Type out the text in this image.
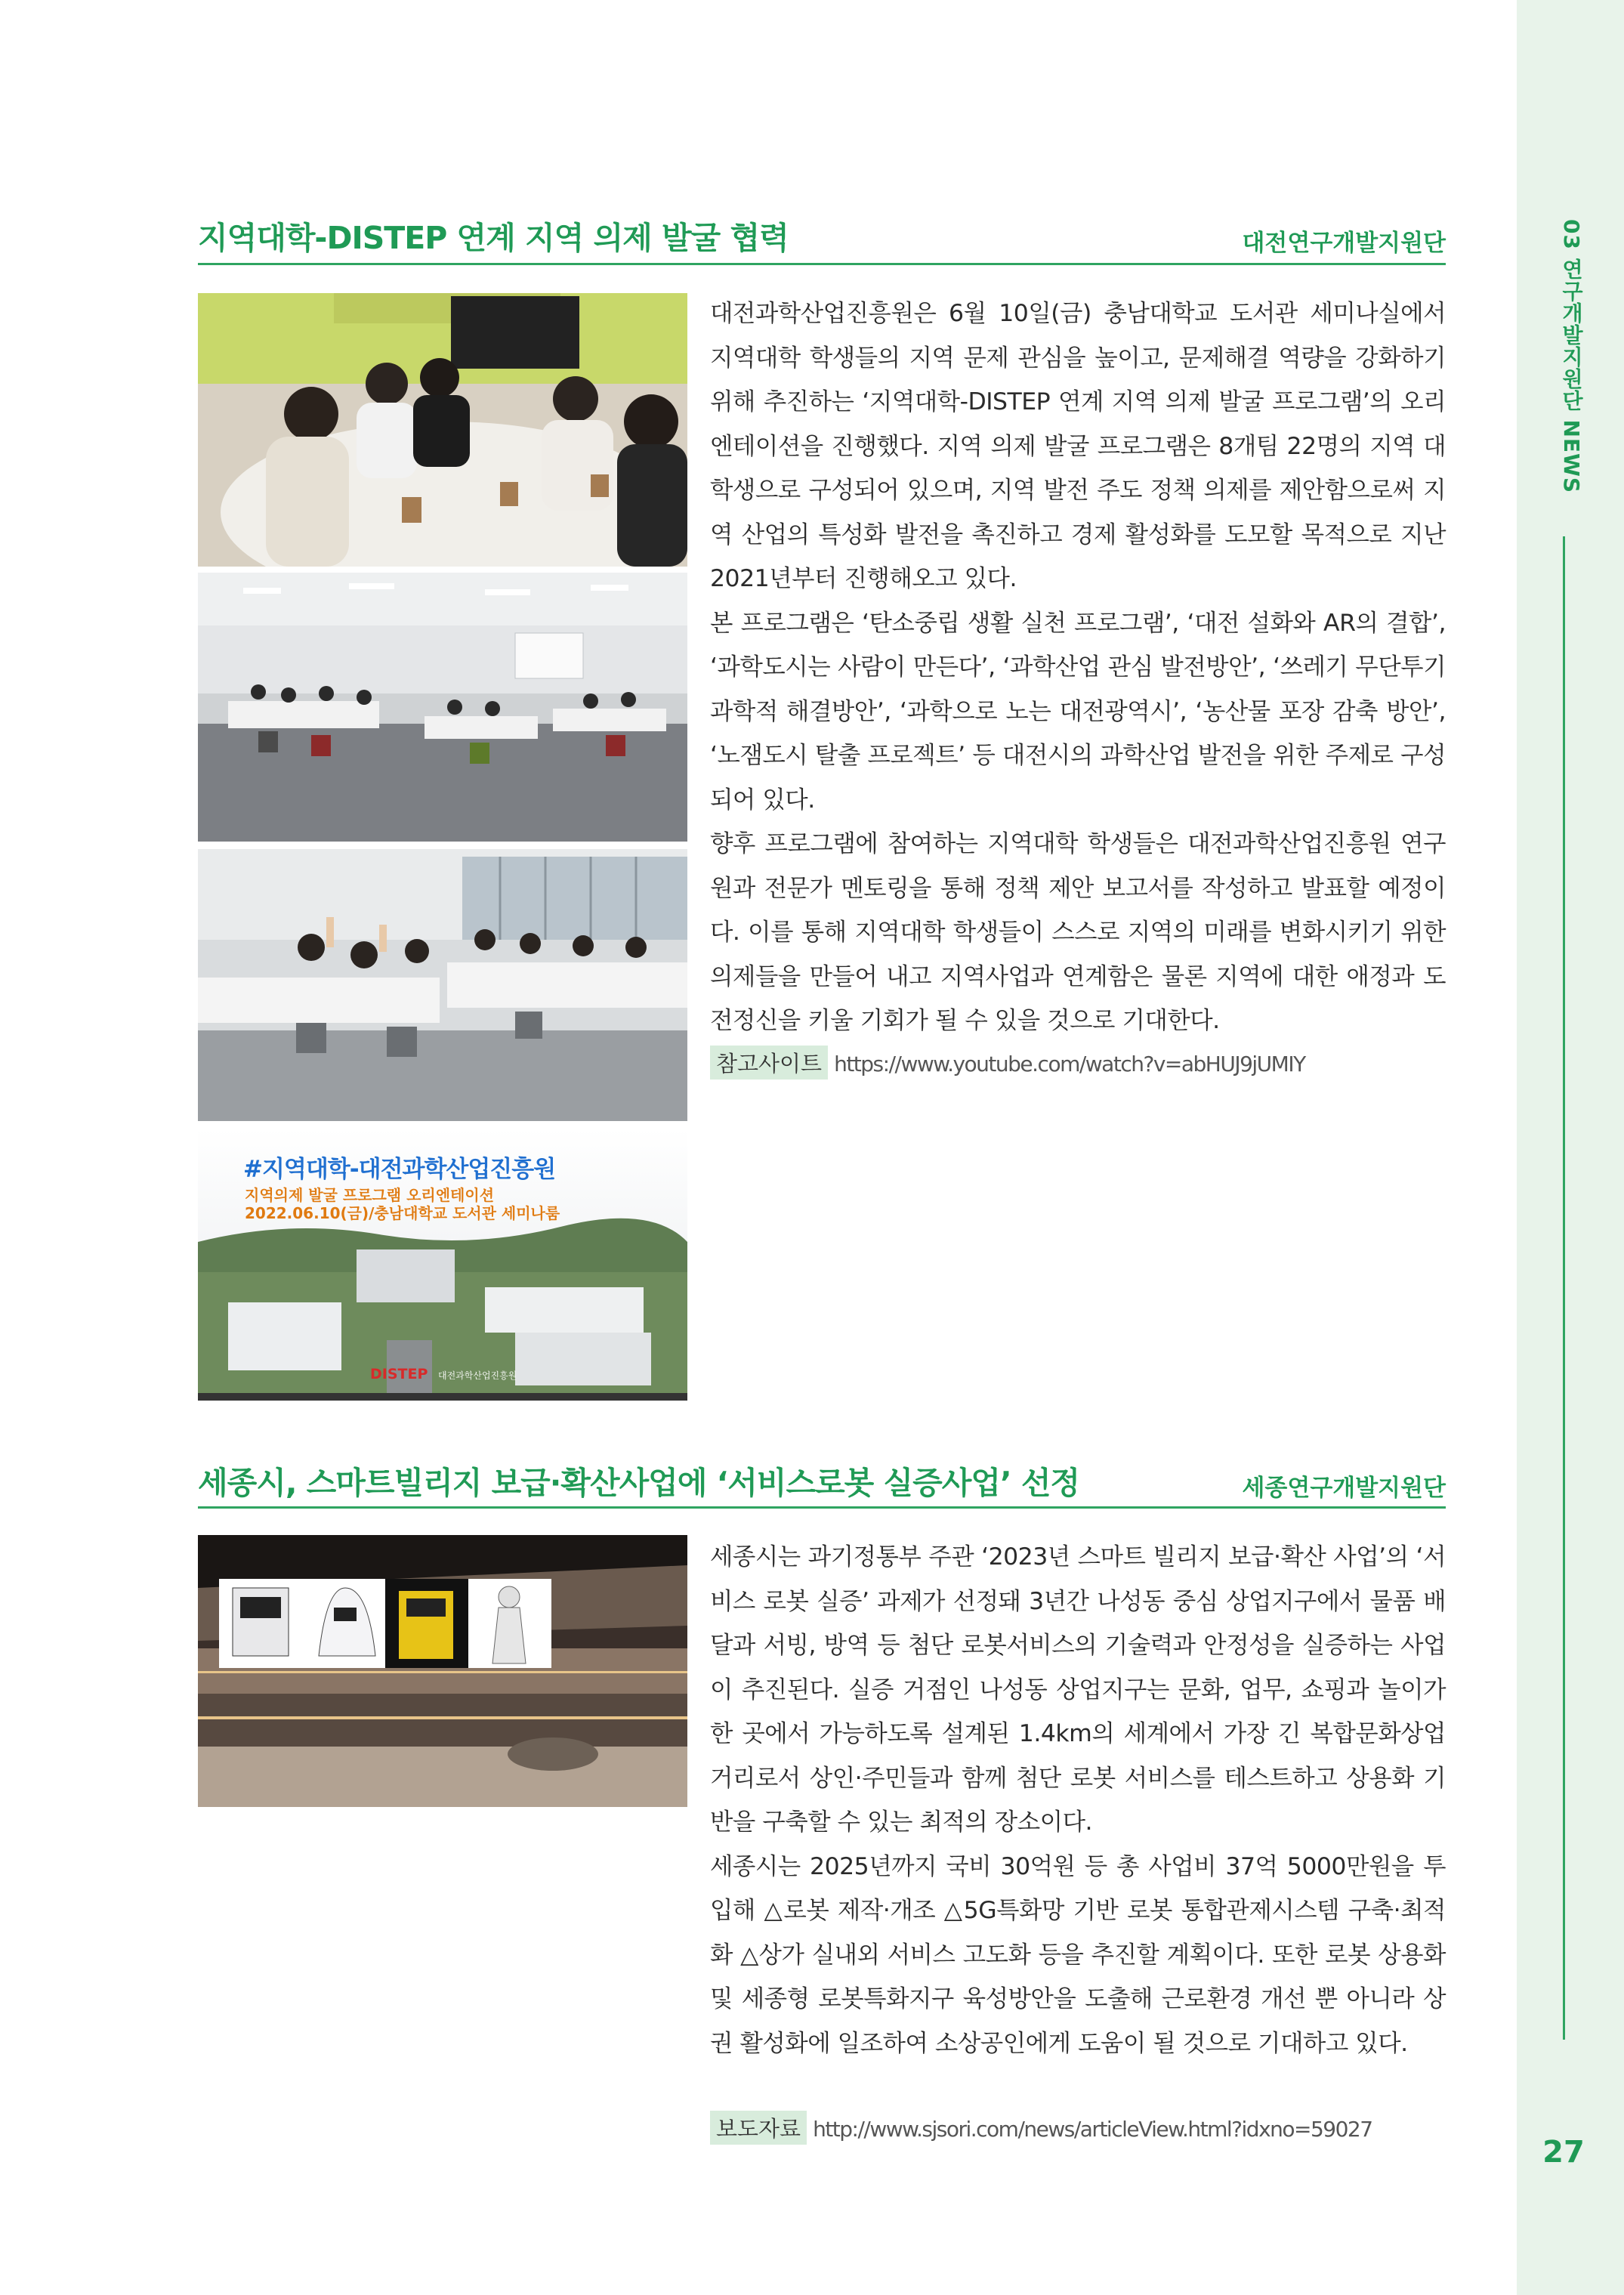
03 연구개발지원단 NEWS
27
지역대학-DISTEP 연계 지역 의제 발굴 협력	대전연구개발지원단
#지역대학-대전과학산업진흥원
지역의제 발굴 프로그램 오리엔테이션
2022.06.10(금)/충남대학교 도서관 세미나룸
DISTEP 대전과학산업진흥원

대전과학산업진흥원은 6월 10일(금) 충남대학교 도서관 세미나실에서 지역대학 학생들의 지역 문제 관심을 높이고, 문제해결 역량을 강화하기 위해 추진하는 ‘지역대학-DISTEP 연계 지역 의제 발굴 프로그램’의 오리엔테이션을 진행했다. 지역 의제 발굴 프로그램은 8개팀 22명의 지역 대학생으로 구성되어 있으며, 지역 발전 주도 정책 의제를 제안함으로써 지역 산업의 특성화 발전을 촉진하고 경제 활성화를 도모할 목적으로 지난 2021년부터 진행해오고 있다.

본 프로그램은 ‘탄소중립 생활 실천 프로그램’, ‘대전 설화와 AR의 결합’, ‘과학도시는 사람이 만든다’, ‘과학산업 관심 발전방안’, ‘쓰레기 무단투기 과학적 해결방안’, ‘과학으로 노는 대전광역시’, ‘농산물 포장 감축 방안’, ‘노잼도시 탈출 프로젝트’ 등 대전시의 과학산업 발전을 위한 주제로 구성되어 있다.

향후 프로그램에 참여하는 지역대학 학생들은 대전과학산업진흥원 연구원과 전문가 멘토링을 통해 정책 제안 보고서를 작성하고 발표할 예정이다. 이를 통해 지역대학 학생들이 스스로 지역의 미래를 변화시키기 위한 의제들을 만들어 내고 지역사업과 연계함은 물론 지역에 대한 애정과 도전정신을 키울 기회가 될 수 있을 것으로 기대한다.

참고사이트 https://www.youtube.com/watch?v=abHUJ9jUMIY
세종시, 스마트빌리지 보급·확산사업에 ‘서비스로봇 실증사업’ 선정	세종연구개발지원단

세종시는 과기정통부 주관 ‘2023년 스마트 빌리지 보급·확산 사업’의 ‘서비스 로봇 실증’ 과제가 선정돼 3년간 나성동 중심 상업지구에서 물품 배달과 서빙, 방역 등 첨단 로봇서비스의 기술력과 안정성을 실증하는 사업이 추진된다. 실증 거점인 나성동 상업지구는 문화, 업무, 쇼핑과 놀이가 한 곳에서 가능하도록 설계된 1.4km의 세계에서 가장 긴 복합문화상업거리로서 상인·주민들과 함께 첨단 로봇 서비스를 테스트하고 상용화 기반을 구축할 수 있는 최적의 장소이다.

세종시는 2025년까지 국비 30억원 등 총 사업비 37억 5000만원을 투입해 △로봇 제작·개조 △5G특화망 기반 로봇 통합관제시스템 구축·최적화 △상가 실내외 서비스 고도화 등을 추진할 계획이다. 또한 로봇 상용화 및 세종형 로봇특화지구 육성방안을 도출해 근로환경 개선 뿐 아니라 상권 활성화에 일조하여 소상공인에게 도움이 될 것으로 기대하고 있다.

보도자료 http://www.sjsori.com/news/articleView.html?idxno=59027
